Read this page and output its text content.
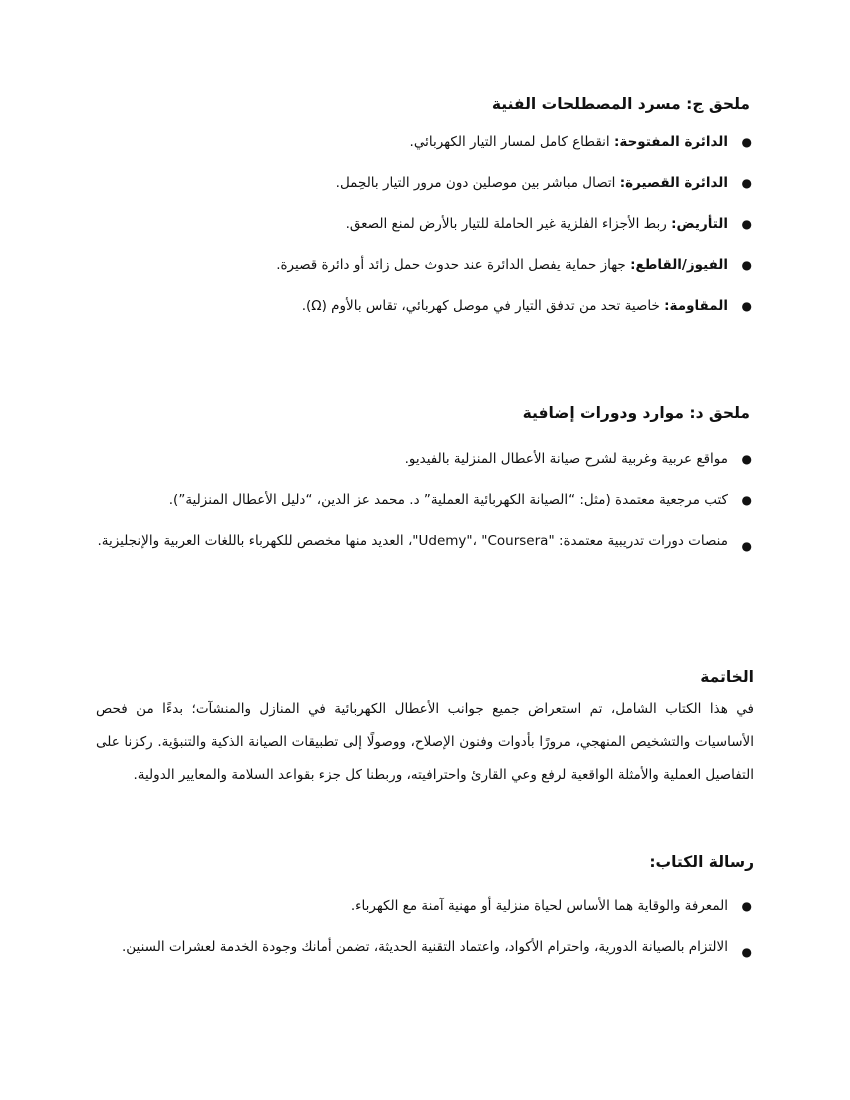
ملحق ج: مسرد المصطلحات الفنية
●
الدائرة المفتوحة: انقطاع كامل لمسار التيار الكهربائي.
●
الدائرة القصيرة: اتصال مباشر بين موصلين دون مرور التيار بالحِمل.
●
التأريض: ربط الأجزاء الفلزية غير الحاملة للتيار بالأرض لمنع الصعق.
●
الفيوز/القاطع: جهاز حماية يفصل الدائرة عند حدوث حمل زائد أو دائرة قصيرة.
●
المقاومة: خاصية تحد من تدفق التيار في موصل كهربائي، تقاس بالأوم (Ω).
ملحق د: موارد ودورات إضافية
●
مواقع عربية وغربية لشرح صيانة الأعطال المنزلية بالفيديو.
●
كتب مرجعية معتمدة (مثل: “الصيانة الكهربائية العملية” د. محمد عز الدين، “دليل الأعطال المنزلية”).
●
منصات دورات تدريبية معتمدة: "Udemy"، "Coursera"، العديد منها مخصص للكهرباء باللغات العربية والإنجليزية.
الخاتمة

في هذا الكتاب الشامل، تم استعراض جميع جوانب الأعطال الكهربائية في المنازل والمنشآت؛ بدءًا من فحص الأساسيات والتشخيص المنهجي، مرورًا بأدوات وفنون الإصلاح، ووصولًا إلى تطبيقات الصيانة الذكية والتنبؤية. ركزنا على التفاصيل العملية والأمثلة الواقعية لرفع وعي القارئ واحترافيته، وربطنا كل جزء بقواعد السلامة والمعايير الدولية.

رسالة الكتاب:
●
المعرفة والوقاية هما الأساس لحياة منزلية أو مهنية آمنة مع الكهرباء.
●
الالتزام بالصيانة الدورية، واحترام الأكواد، واعتماد التقنية الحديثة، تضمن أمانك وجودة الخدمة لعشرات السنين.
